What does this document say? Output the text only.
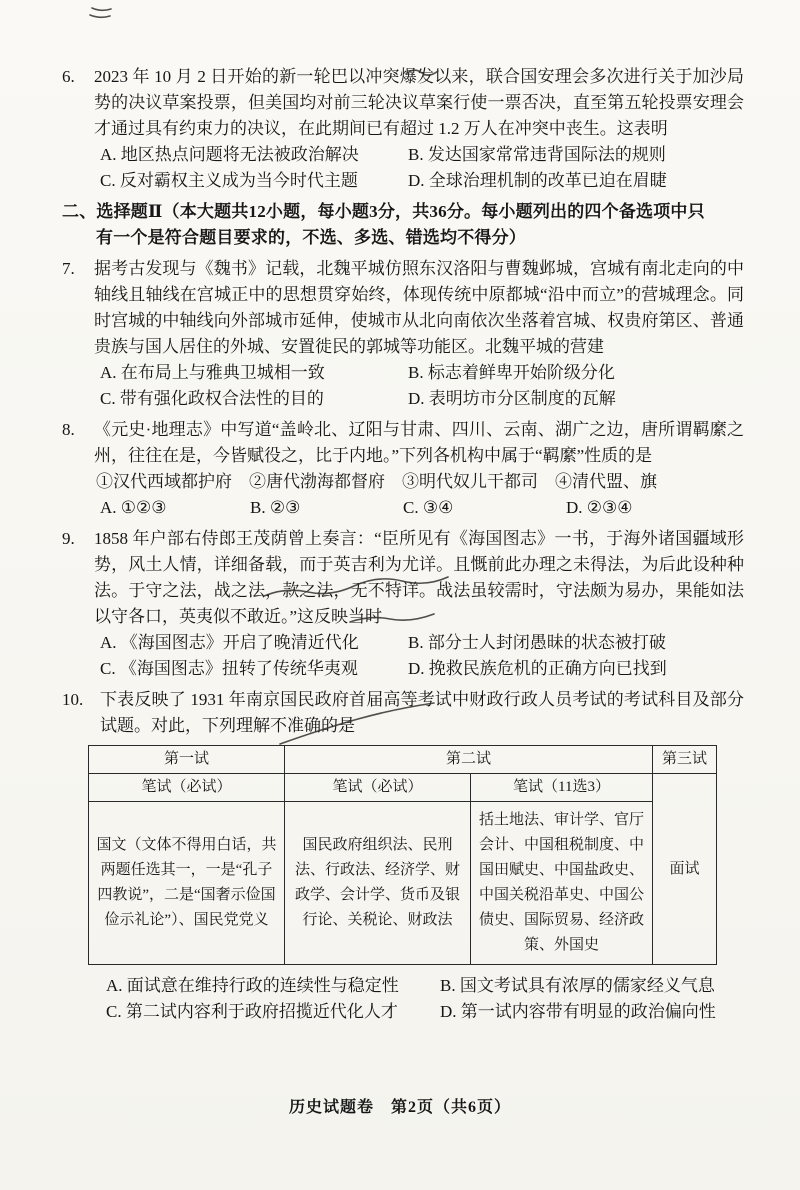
6. 2023 年 10 月 2 日开始的新一轮巴以冲突爆发以来，联合国安理会多次进行关于加沙局势的决议草案投票，但美国均对前三轮决议草案行使一票否决，直至第五轮投票安理会才通过具有约束力的决议，在此期间已有超过 1.2 万人在冲突中丧生。这表明
A. 地区热点问题将无法被政治解决	B. 发达国家常常违背国际法的规则
C. 反对霸权主义成为当今时代主题	D. 全球治理机制的改革已迫在眉睫
二、选择题Ⅱ（本大题共12小题，每小题3分，共36分。每小题列出的四个备选项中只
有一个是符合题目要求的，不选、多选、错选均不得分）
7. 据考古发现与《魏书》记载，北魏平城仿照东汉洛阳与曹魏邺城，宫城有南北走向的中轴线且轴线在宫城正中的思想贯穿始终，体现传统中原都城“沿中而立”的营城理念。同时宫城的中轴线向外部城市延伸，使城市从北向南依次坐落着宫城、权贵府第区、普通贵族与国人居住的外城、安置徙民的郭城等功能区。北魏平城的营建
A. 在布局上与雅典卫城相一致	B. 标志着鲜卑开始阶级分化
C. 带有强化政权合法性的目的	D. 表明坊市分区制度的瓦解
8. 《元史·地理志》中写道“盖岭北、辽阳与甘肃、四川、云南、湖广之边，唐所谓羁縻之州，往往在是，今皆赋役之，比于内地。”下列各机构中属于“羁縻”性质的是
①汉代西域都护府　②唐代渤海都督府　③明代奴儿干都司　④清代盟、旗
A. ①②③	B. ②③	C. ③④	D. ②③④
9. 1858 年户部右侍郎王茂荫曾上奏言：“臣所见有《海国图志》一书，于海外诸国疆域形势，风土人情，详细备载，而于英吉利为尤详。且慨前此办理之未得法，为后此设种种法。于守之法，战之法，款之法，无不特详。战法虽较需时，守法颇为易办，果能如法以守各口，英夷似不敢近。”这反映当时
A. 《海国图志》开启了晚清近代化	B. 部分士人封闭愚昧的状态被打破
C. 《海国图志》扭转了传统华夷观	D. 挽救民族危机的正确方向已找到
10. 下表反映了 1931 年南京国民政府首届高等考试中财政行政人员考试的考试科目及部分试题。对此，下列理解不准确的是
第一试	第二试		第三试
笔试（必试）	笔试（必试）	笔试（11选3）	面试
国文（文体不得用白话，共两题任选其一，一是“孔子四教说”，二是“国奢示俭国俭示礼论”）、国民党党义	国民政府组织法、民刑法、行政法、经济学、财政学、会计学、货币及银行论、关税论、财政法	括土地法、审计学、官厅会计、中国租税制度、中国田赋史、中国盐政史、中国关税沿革史、中国公债史、国际贸易、经济政策、外国史	
A. 面试意在维持行政的连续性与稳定性	B. 国文考试具有浓厚的儒家经义气息
C. 第二试内容利于政府招揽近代化人才	D. 第一试内容带有明显的政治偏向性
历史试题卷　第2页（共6页）
